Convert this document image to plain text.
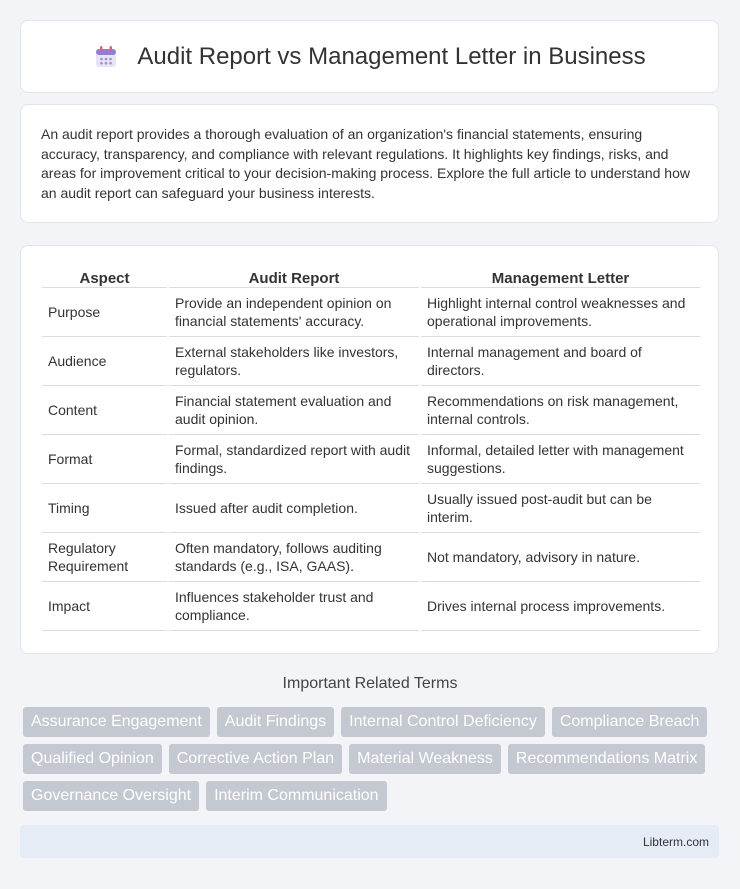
Audit Report vs Management Letter in Business

An audit report provides a thorough evaluation of an organization's financial statements, ensuring accuracy, transparency, and compliance with relevant regulations. It highlights key findings, risks, and areas for improvement critical to your decision-making process. Explore the full article to understand how an audit report can safeguard your business interests.

Aspect	Audit Report	Management Letter
Purpose	Provide an independent opinion on financial statements' accuracy.	Highlight internal control weaknesses and operational improvements.
Audience	External stakeholders like investors, regulators.	Internal management and board of directors.
Content	Financial statement evaluation and audit opinion.	Recommendations on risk management, internal controls.
Format	Formal, standardized report with audit findings.	Informal, detailed letter with management suggestions.
Timing	Issued after audit completion.	Usually issued post-audit but can be interim.
Regulatory Requirement	Often mandatory, follows auditing standards (e.g., ISA, GAAS).	Not mandatory, advisory in nature.
Impact	Influences stakeholder trust and compliance.	Drives internal process improvements.
Important Related Terms
Assurance Engagement	Audit Findings	Internal Control Deficiency	Compliance Breach
Qualified Opinion	Corrective Action Plan	Material Weakness	Recommendations Matrix
Governance Oversight	Interim Communication
Libterm.com
